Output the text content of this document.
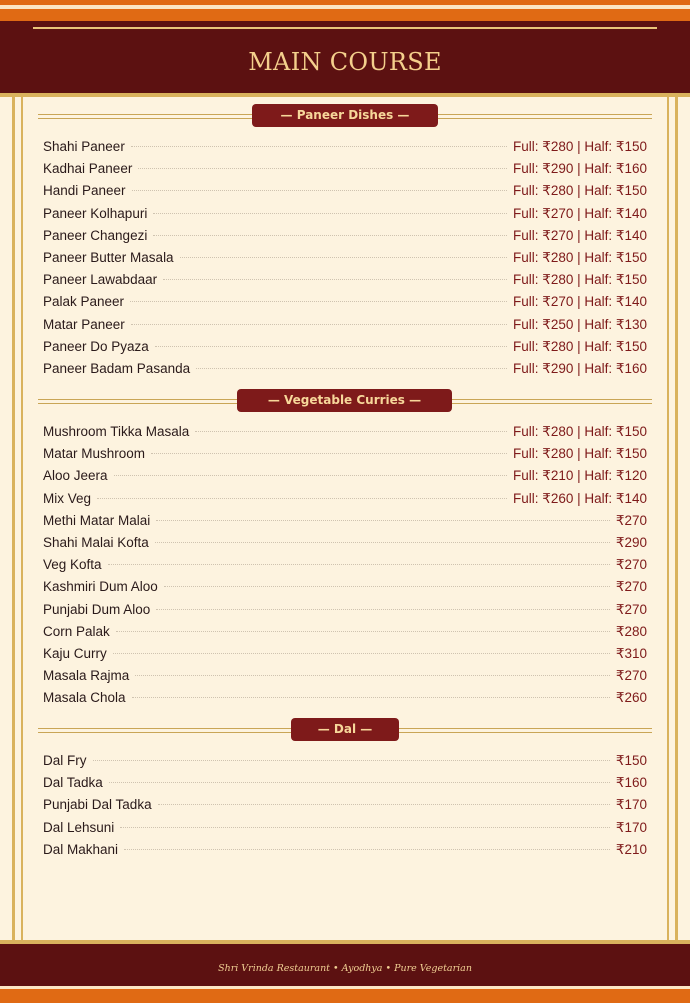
MAIN COURSE
— Paneer Dishes —
Shahi Paneer	Full: ₹280 | Half: ₹150
Kadhai Paneer	Full: ₹290 | Half: ₹160
Handi Paneer	Full: ₹280 | Half: ₹150
Paneer Kolhapuri	Full: ₹270 | Half: ₹140
Paneer Changezi	Full: ₹270 | Half: ₹140
Paneer Butter Masala	Full: ₹280 | Half: ₹150
Paneer Lawabdaar	Full: ₹280 | Half: ₹150
Palak Paneer	Full: ₹270 | Half: ₹140
Matar Paneer	Full: ₹250 | Half: ₹130
Paneer Do Pyaza	Full: ₹280 | Half: ₹150
Paneer Badam Pasanda	Full: ₹290 | Half: ₹160
— Vegetable Curries —
Mushroom Tikka Masala	Full: ₹280 | Half: ₹150
Matar Mushroom	Full: ₹280 | Half: ₹150
Aloo Jeera	Full: ₹210 | Half: ₹120
Mix Veg	Full: ₹260 | Half: ₹140
Methi Matar Malai	₹270
Shahi Malai Kofta	₹290
Veg Kofta	₹270
Kashmiri Dum Aloo	₹270
Punjabi Dum Aloo	₹270
Corn Palak	₹280
Kaju Curry	₹310
Masala Rajma	₹270
Masala Chola	₹260
— Dal —
Dal Fry	₹150
Dal Tadka	₹160
Punjabi Dal Tadka	₹170
Dal Lehsuni	₹170
Dal Makhani	₹210
Shri Vrinda Restaurant • Ayodhya • Pure Vegetarian
